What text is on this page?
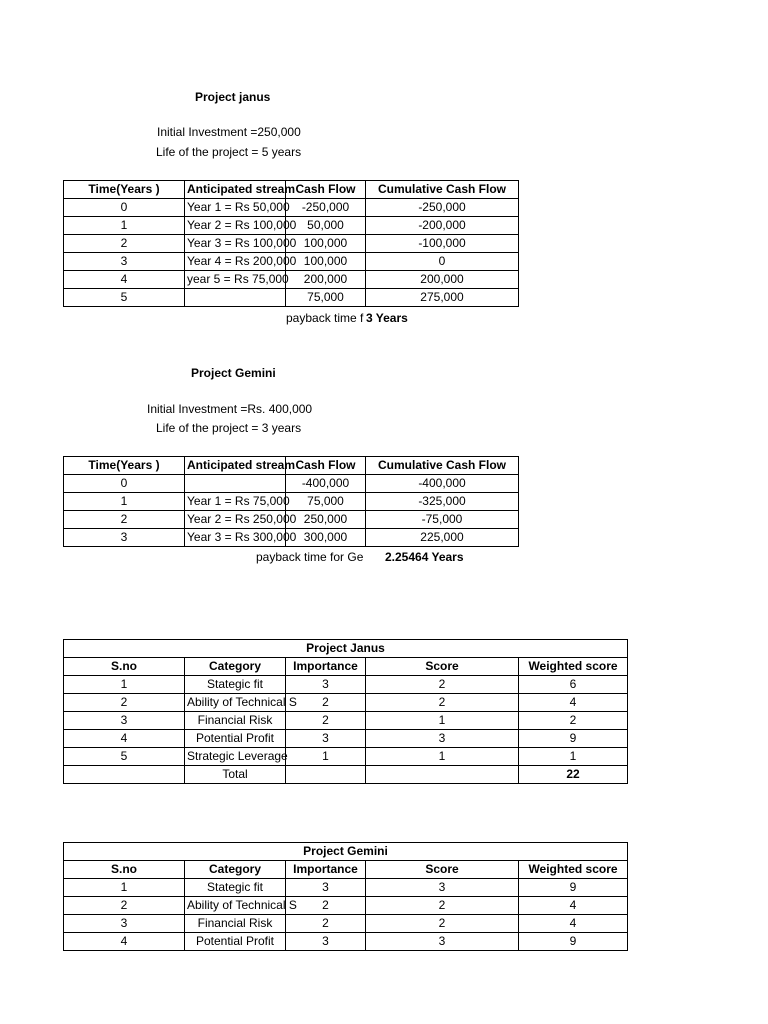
Project janus
Initial Investment =250,000
Life of the project = 5 years
Time(Years )	Anticipated stream	Cash Flow	Cumulative Cash Flow
0	Year 1 = Rs 50,000	-250,000	-250,000
1	Year 2 = Rs 100,000	50,000	-200,000
2	Year 3 = Rs 100,000	100,000	-100,000
3	Year 4 = Rs 200,000	100,000	0
4	year 5 = Rs 75,000	200,000	200,000
5		75,000	275,000
payback time f 3 Years
Project Gemini
Initial Investment =Rs. 400,000
Life of the project = 3 years
Time(Years )	Anticipated stream	Cash Flow	Cumulative Cash Flow
0		-400,000	-400,000
1	Year 1 = Rs 75,000	75,000	-325,000
2	Year 2 = Rs 250,000	250,000	-75,000
3	Year 3 = Rs 300,000	300,000	225,000
payback time for Ge 2.25464 Years
Project Janus				
S.no	Category	Importance	Score	Weighted score
1	Stategic fit	3	2	6
2	Ability of Technical S	2	2	4
3	Financial Risk	2	1	2
4	Potential Profit	3	3	9
5	Strategic Leverage	1	1	1
	Total			22
Project Gemini				
S.no	Category	Importance	Score	Weighted score
1	Stategic fit	3	3	9
2	Ability of Technical S	2	2	4
3	Financial Risk	2	2	4
4	Potential Profit	3	3	9
